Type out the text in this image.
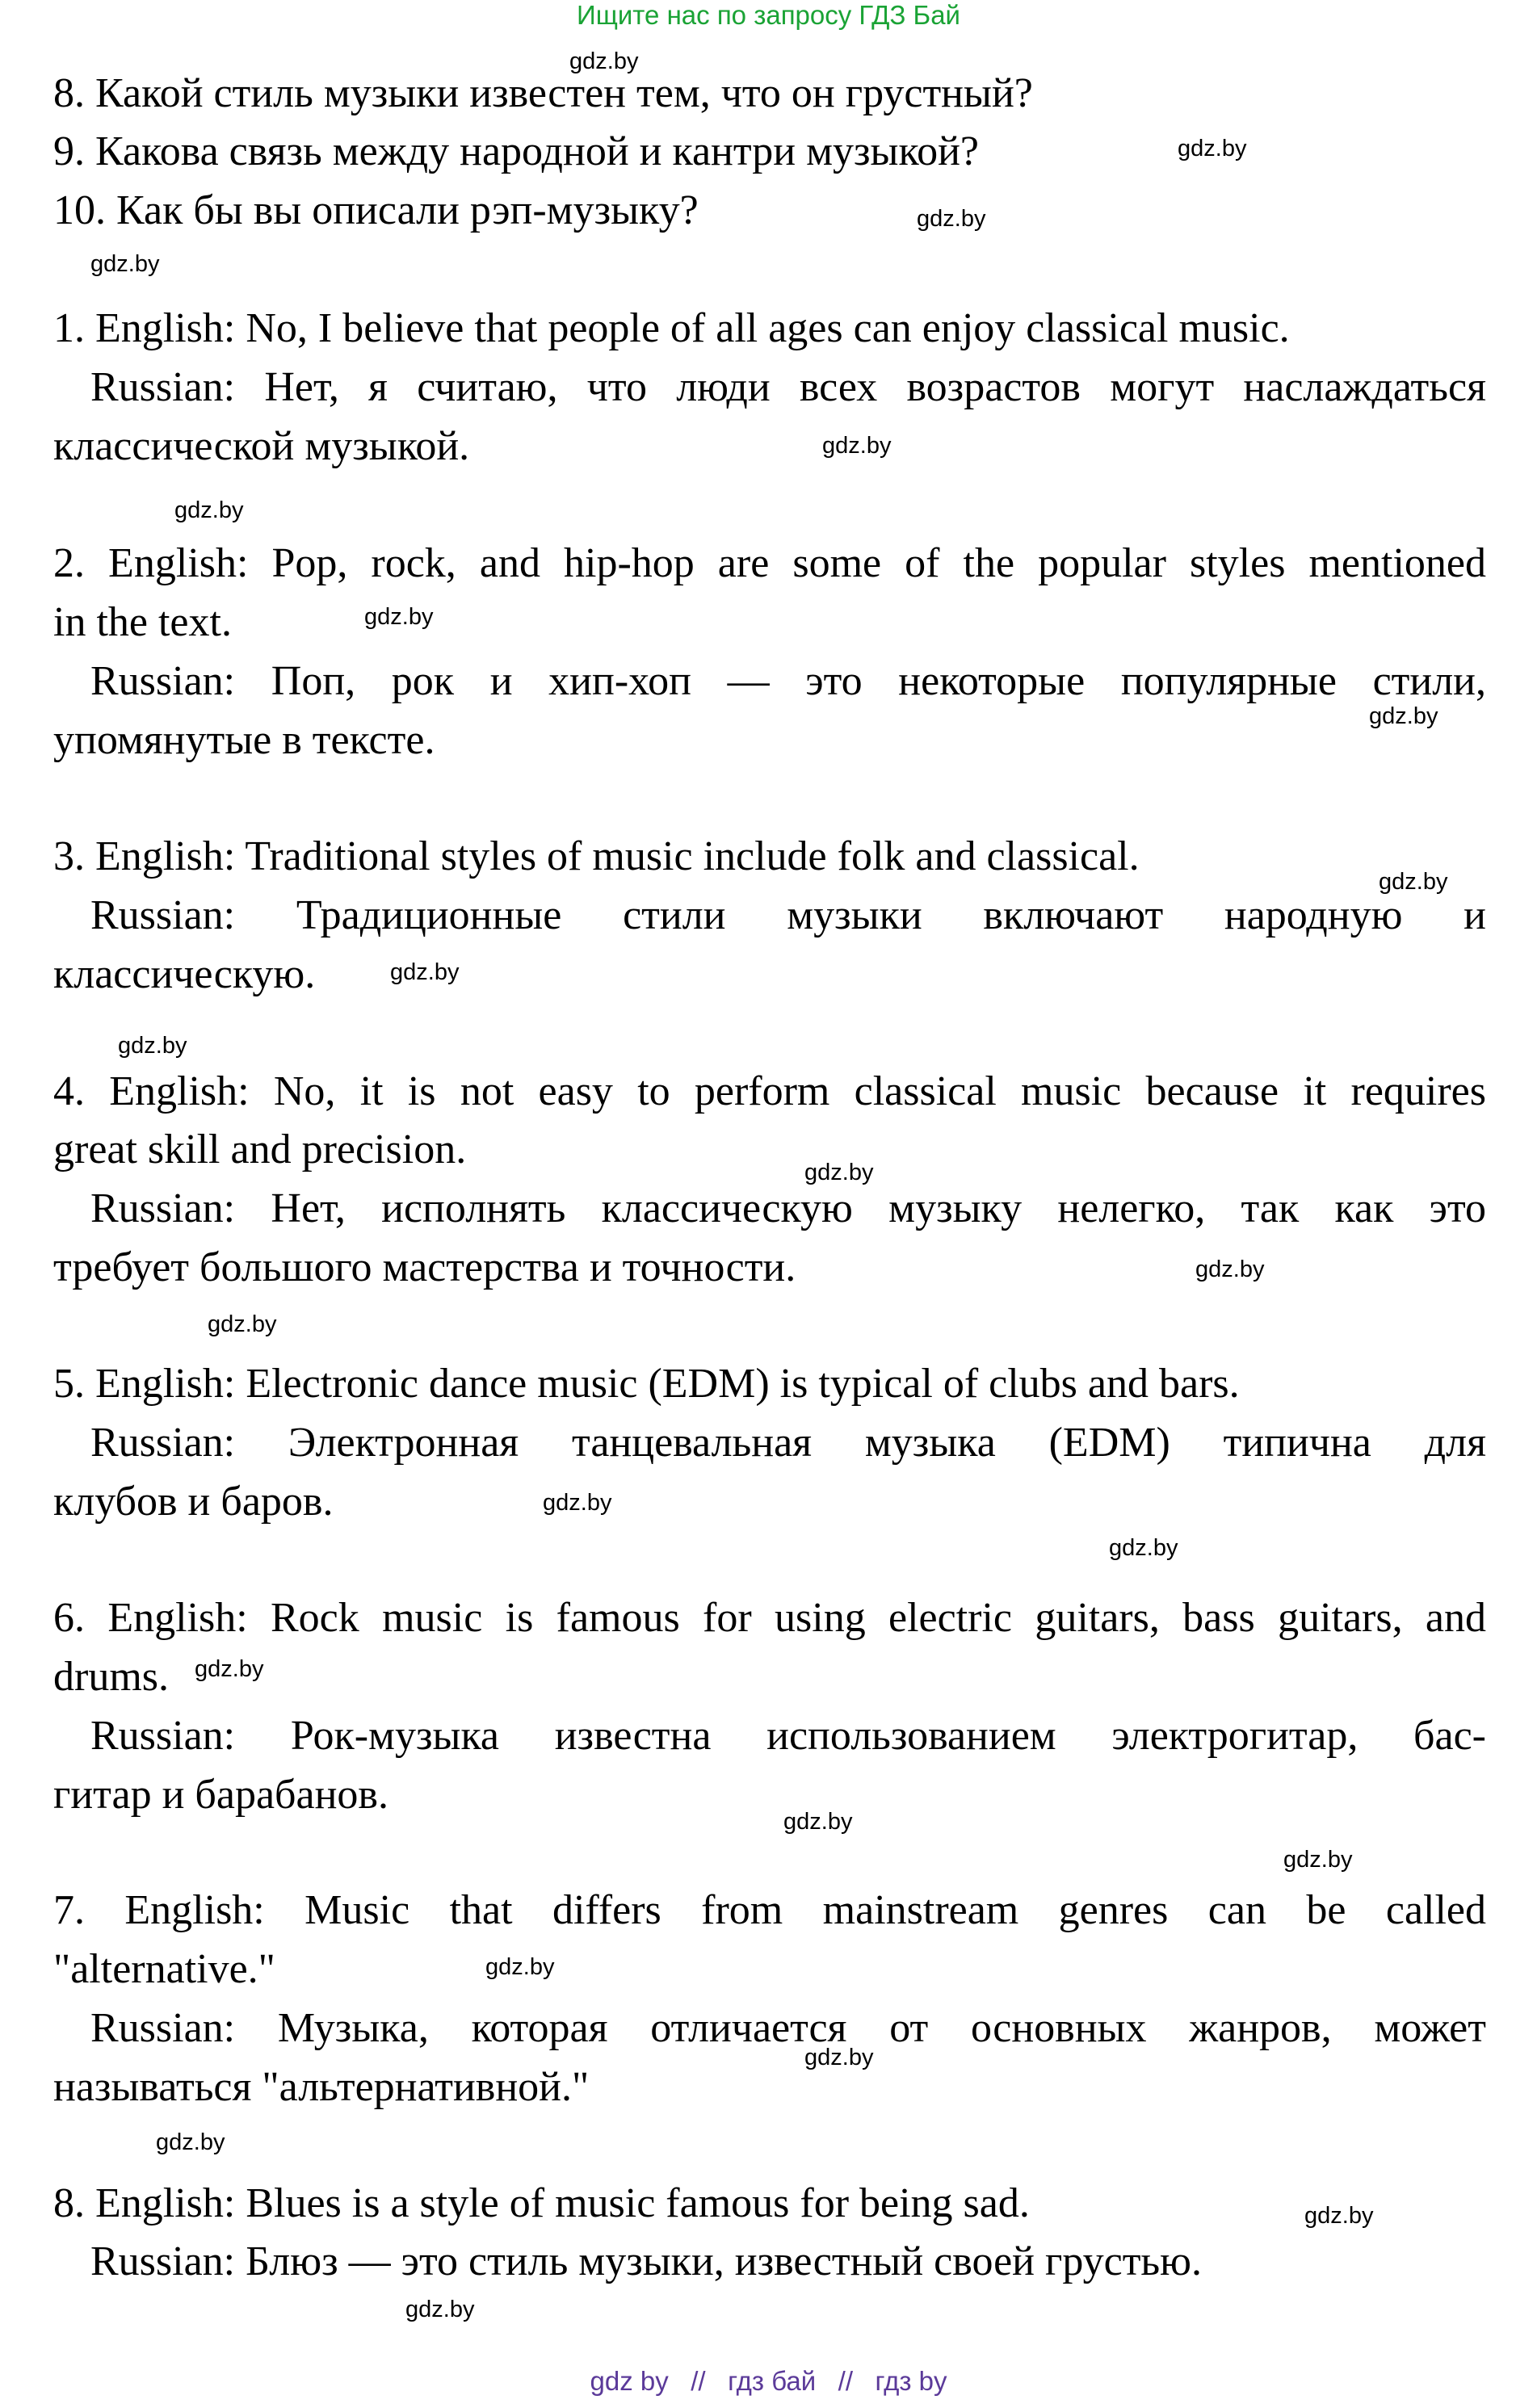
Ищите нас по запросу ГДЗ Бай
8. Какой стиль музыки известен тем, что он грустный?
9. Какова связь между народной и кантри музыкой?
10. Как бы вы описали рэп-музыку?
1. English: No, I believe that people of all ages can enjoy classical music.
Russian: Нет, я считаю, что люди всех возрастов могут наслаждаться
классической музыкой.
2. English: Pop, rock, and hip-hop are some of the popular styles mentioned
in the text.
Russian: Поп, рок и хип-хоп — это некоторые популярные стили,
упомянутые в тексте.
3. English: Traditional styles of music include folk and classical.
Russian: Традиционные стили музыки включают народную и
классическую.
4. English: No, it is not easy to perform classical music because it requires
great skill and precision.
Russian: Нет, исполнять классическую музыку нелегко, так как это
требует большого мастерства и точности.
5. English: Electronic dance music (EDM) is typical of clubs and bars.
Russian: Электронная танцевальная музыка (EDM) типична для
клубов и баров.
6. English: Rock music is famous for using electric guitars, bass guitars, and
drums.
Russian: Рок-музыка известна использованием электрогитар, бас-
гитар и барабанов.
7. English: Music that differs from mainstream genres can be called
"alternative."
Russian: Музыка, которая отличается от основных жанров, может
называться "альтернативной."
8. English: Blues is a style of music famous for being sad.
Russian: Блюз — это стиль музыки, известный своей грустью.
gdz.by
gdz.by
gdz.by
gdz.by
gdz.by
gdz.by
gdz.by
gdz.by
gdz.by
gdz.by
gdz.by
gdz.by
gdz.by
gdz.by
gdz.by
gdz.by
gdz.by
gdz.by
gdz.by
gdz.by
gdz.by
gdz.by
gdz.by
gdz.by
gdz by // гдз бай // гдз by
